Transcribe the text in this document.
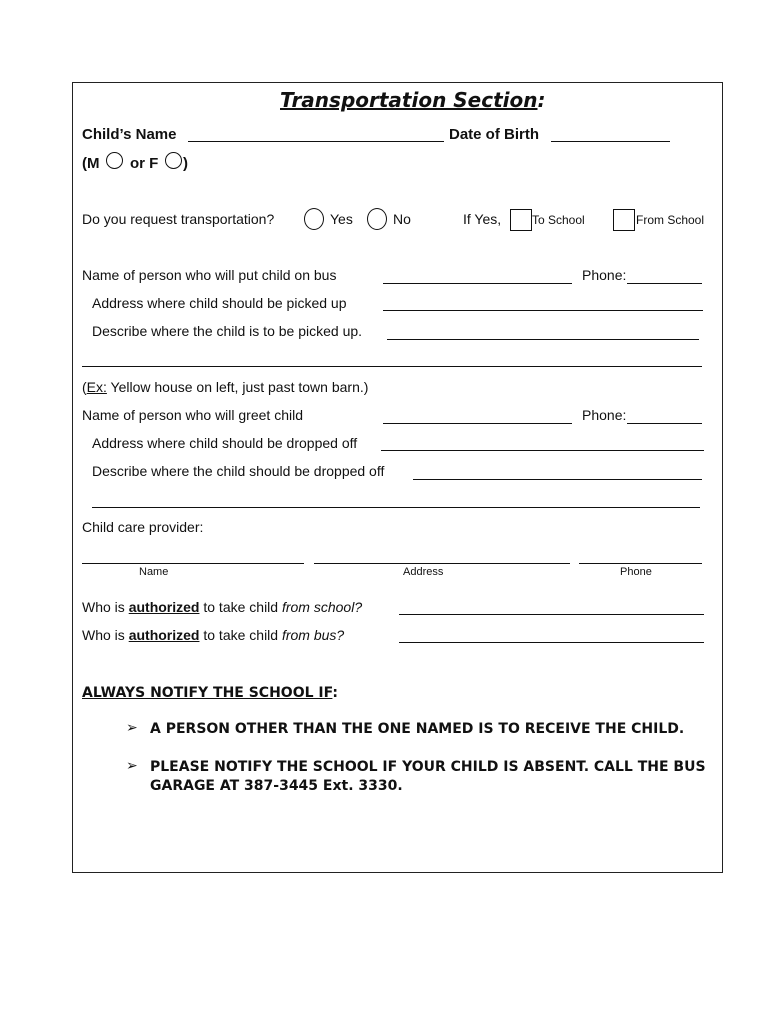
Transportation Section:
Child’s Name	Date of Birth
(M or F )
Do you request transportation?	Yes	No	If Yes,	To School	From School
Name of person who will put child on bus	Phone:
Address where child should be picked up
Describe where the child is to be picked up.
(Ex: Yellow house on left, just past town barn.)
Name of person who will greet child	Phone:
Address where child should be dropped off
Describe where the child should be dropped off
Child care provider:
Name	Address	Phone
Who is authorized to take child from school?
Who is authorized to take child from bus?
ALWAYS NOTIFY THE SCHOOL IF:
➢ A PERSON OTHER THAN THE ONE NAMED IS TO RECEIVE THE CHILD.
➢ PLEASE NOTIFY THE SCHOOL IF YOUR CHILD IS ABSENT. CALL THE BUS
GARAGE AT 387-3445 Ext. 3330.
